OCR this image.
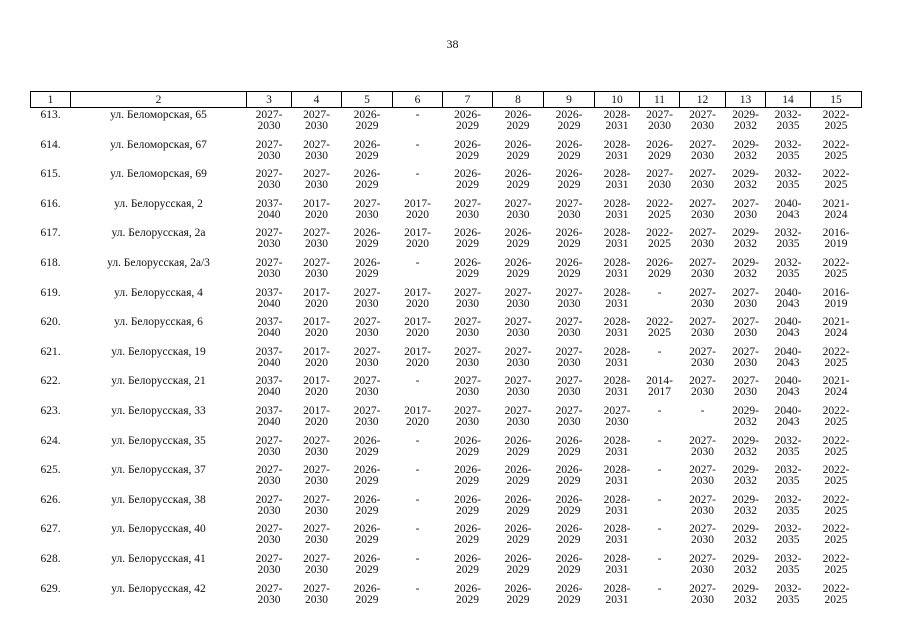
38
1	2	3	4	5	6	7	8	9	10	11	12	13	14	15
613.	ул. Беломорская, 65	2027-
2030	2027-
2030	2026-
2029	-	2026-
2029	2026-
2029	2026-
2029	2028-
2031	2027-
2030	2027-
2030	2029-
2032	2032-
2035	2022-
2025

614.	ул. Беломорская, 67	2027-
2030	2027-
2030	2026-
2029	-	2026-
2029	2026-
2029	2026-
2029	2028-
2031	2026-
2029	2027-
2030	2029-
2032	2032-
2035	2022-
2025

615.	ул. Беломорская, 69	2027-
2030	2027-
2030	2026-
2029	-	2026-
2029	2026-
2029	2026-
2029	2028-
2031	2027-
2030	2027-
2030	2029-
2032	2032-
2035	2022-
2025

616.	ул. Белорусская, 2	2037-
2040	2017-
2020	2027-
2030	2017-
2020	2027-
2030	2027-
2030	2027-
2030	2028-
2031	2022-
2025	2027-
2030	2027-
2030	2040-
2043	2021-
2024

617.	ул. Белорусская, 2а	2027-
2030	2027-
2030	2026-
2029	2017-
2020	2026-
2029	2026-
2029	2026-
2029	2028-
2031	2022-
2025	2027-
2030	2029-
2032	2032-
2035	2016-
2019

618.	ул. Белорусская, 2а/3	2027-
2030	2027-
2030	2026-
2029	-	2026-
2029	2026-
2029	2026-
2029	2028-
2031	2026-
2029	2027-
2030	2029-
2032	2032-
2035	2022-
2025

619.	ул. Белорусская, 4	2037-
2040	2017-
2020	2027-
2030	2017-
2020	2027-
2030	2027-
2030	2027-
2030	2028-
2031	-	2027-
2030	2027-
2030	2040-
2043	2016-
2019

620.	ул. Белорусская, 6	2037-
2040	2017-
2020	2027-
2030	2017-
2020	2027-
2030	2027-
2030	2027-
2030	2028-
2031	2022-
2025	2027-
2030	2027-
2030	2040-
2043	2021-
2024

621.	ул. Белорусская, 19	2037-
2040	2017-
2020	2027-
2030	2017-
2020	2027-
2030	2027-
2030	2027-
2030	2028-
2031	-	2027-
2030	2027-
2030	2040-
2043	2022-
2025

622.	ул. Белорусская, 21	2037-
2040	2017-
2020	2027-
2030	-	2027-
2030	2027-
2030	2027-
2030	2028-
2031	2014-
2017	2027-
2030	2027-
2030	2040-
2043	2021-
2024

623.	ул. Белорусская, 33	2037-
2040	2017-
2020	2027-
2030	2017-
2020	2027-
2030	2027-
2030	2027-
2030	2027-
2030	-	-	2029-
2032	2040-
2043	2022-
2025

624.	ул. Белорусская, 35	2027-
2030	2027-
2030	2026-
2029	-	2026-
2029	2026-
2029	2026-
2029	2028-
2031	-	2027-
2030	2029-
2032	2032-
2035	2022-
2025

625.	ул. Белорусская, 37	2027-
2030	2027-
2030	2026-
2029	-	2026-
2029	2026-
2029	2026-
2029	2028-
2031	-	2027-
2030	2029-
2032	2032-
2035	2022-
2025

626.	ул. Белорусская, 38	2027-
2030	2027-
2030	2026-
2029	-	2026-
2029	2026-
2029	2026-
2029	2028-
2031	-	2027-
2030	2029-
2032	2032-
2035	2022-
2025

627.	ул. Белорусская, 40	2027-
2030	2027-
2030	2026-
2029	-	2026-
2029	2026-
2029	2026-
2029	2028-
2031	-	2027-
2030	2029-
2032	2032-
2035	2022-
2025

628.	ул. Белорусская, 41	2027-
2030	2027-
2030	2026-
2029	-	2026-
2029	2026-
2029	2026-
2029	2028-
2031	-	2027-
2030	2029-
2032	2032-
2035	2022-
2025

629.	ул. Белорусская, 42	2027-
2030	2027-
2030	2026-
2029	-	2026-
2029	2026-
2029	2026-
2029	2028-
2031	-	2027-
2030	2029-
2032	2032-
2035	2022-
2025
